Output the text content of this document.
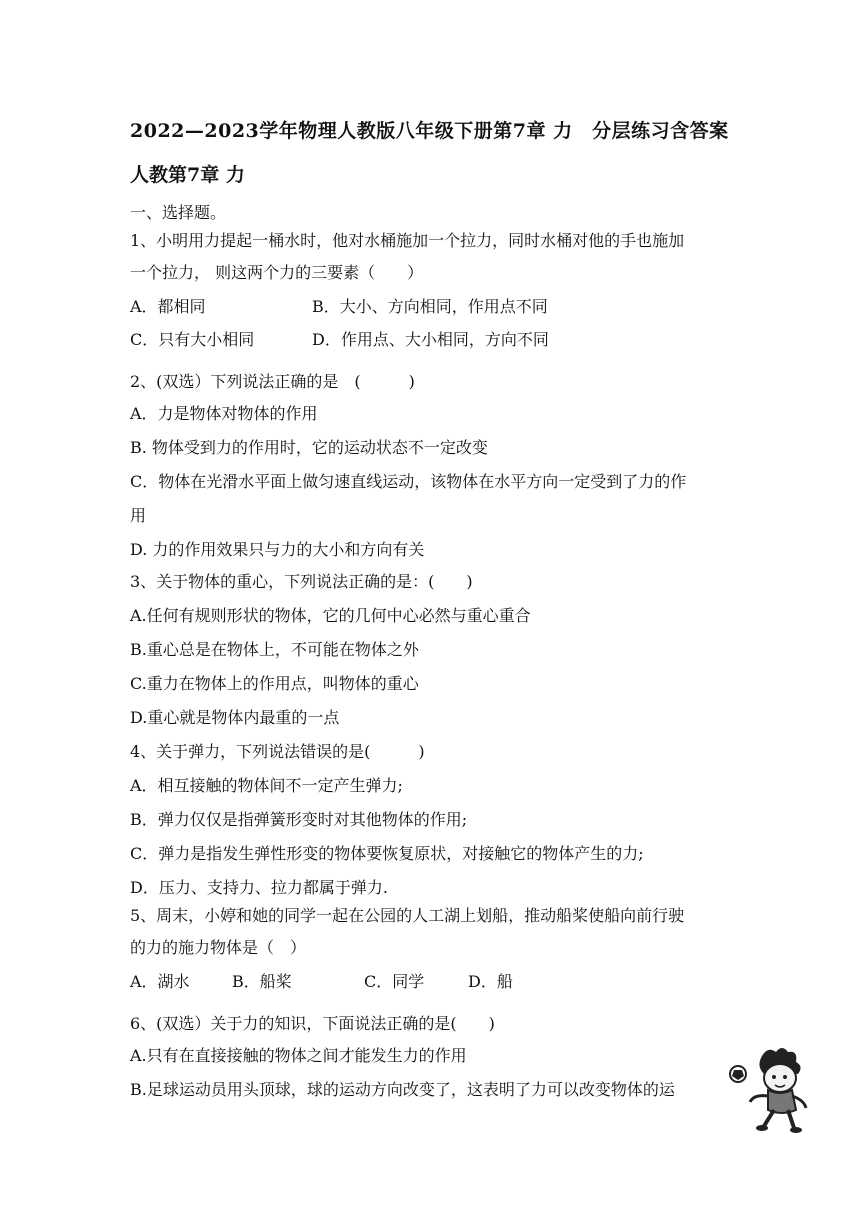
2022—2023学年物理人教版八年级下册第7章 力　分层练习含答案
人教第7章 力
一、选择题。
1、小明用力提起一桶水时，他对水桶施加一个拉力，同时水桶对他的手也施加
一个拉力， 则这两个力的三要素（　　）
A．都相同	B．大小、方向相同，作用点不同
C．只有大小相同	D．作用点、大小相同，方向不同
2、(双选）下列说法正确的是　(　　　)
A．力是物体对物体的作用
B. 物体受到力的作用时，它的运动状态不一定改变
C．物体在光滑水平面上做匀速直线运动，该物体在水平方向一定受到了力的作
用
D. 力的作用效果只与力的大小和方向有关
3、关于物体的重心，下列说法正确的是：(　　)
A.任何有规则形状的物体，它的几何中心必然与重心重合
B.重心总是在物体上，不可能在物体之外
C.重力在物体上的作用点，叫物体的重心
D.重心就是物体内最重的一点
4、关于弹力，下列说法错误的是(　　　)
A．相互接触的物体间不一定产生弹力;
B．弹力仅仅是指弹簧形变时对其他物体的作用;
C．弹力是指发生弹性形变的物体要恢复原状，对接触它的物体产生的力;
D．压力、支持力、拉力都属于弹力.
5、周末，小婷和她的同学一起在公园的人工湖上划船，推动船桨使船向前行驶
的力的施力物体是（　）
A．湖水	B．船桨	C．同学	D．船
6、(双选）关于力的知识，下面说法正确的是(　　)
A.只有在直接接触的物体之间才能发生力的作用
B.足球运动员用头顶球，球的运动方向改变了，这表明了力可以改变物体的运
